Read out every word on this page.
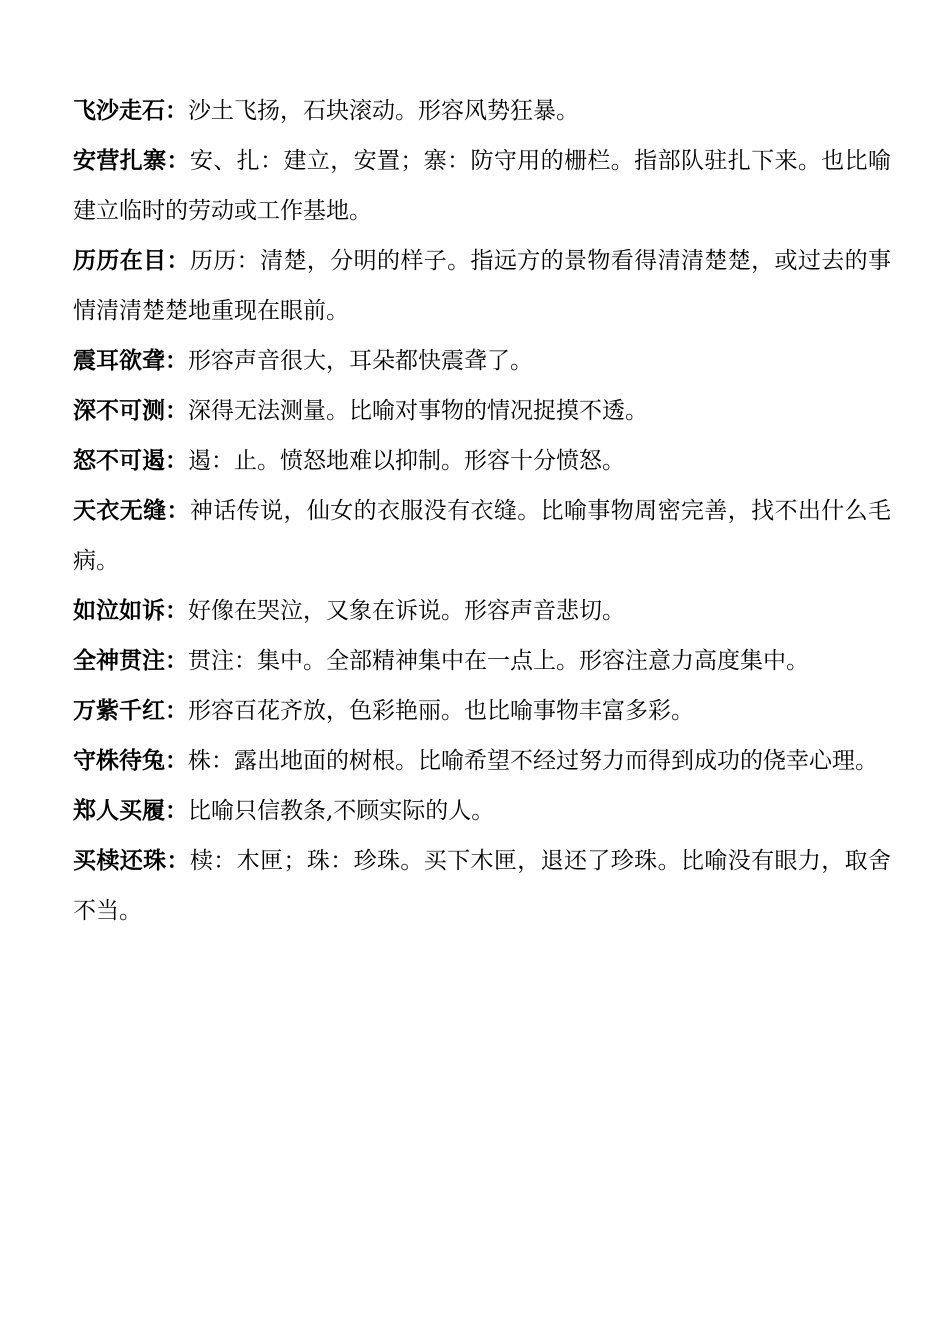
飞沙走石：沙土飞扬，石块滚动。形容风势狂暴。

安营扎寨：安、扎：建立，安置；寨：防守用的栅栏。指部队驻扎下来。也比喻建立临时的劳动或工作基地。

历历在目：历历：清楚，分明的样子。指远方的景物看得清清楚楚，或过去的事情清清楚楚地重现在眼前。

震耳欲聋：形容声音很大，耳朵都快震聋了。

深不可测：深得无法测量。比喻对事物的情况捉摸不透。

怒不可遏：遏：止。愤怒地难以抑制。形容十分愤怒。

天衣无缝：神话传说，仙女的衣服没有衣缝。比喻事物周密完善，找不出什么毛病。

如泣如诉：好像在哭泣，又象在诉说。形容声音悲切。

全神贯注：贯注：集中。全部精神集中在一点上。形容注意力高度集中。

万紫千红：形容百花齐放，色彩艳丽。也比喻事物丰富多彩。

守株待兔：株：露出地面的树根。比喻希望不经过努力而得到成功的侥幸心理。

郑人买履：比喻只信教条,不顾实际的人。

买椟还珠：椟：木匣；珠：珍珠。买下木匣，退还了珍珠。比喻没有眼力，取舍不当。
